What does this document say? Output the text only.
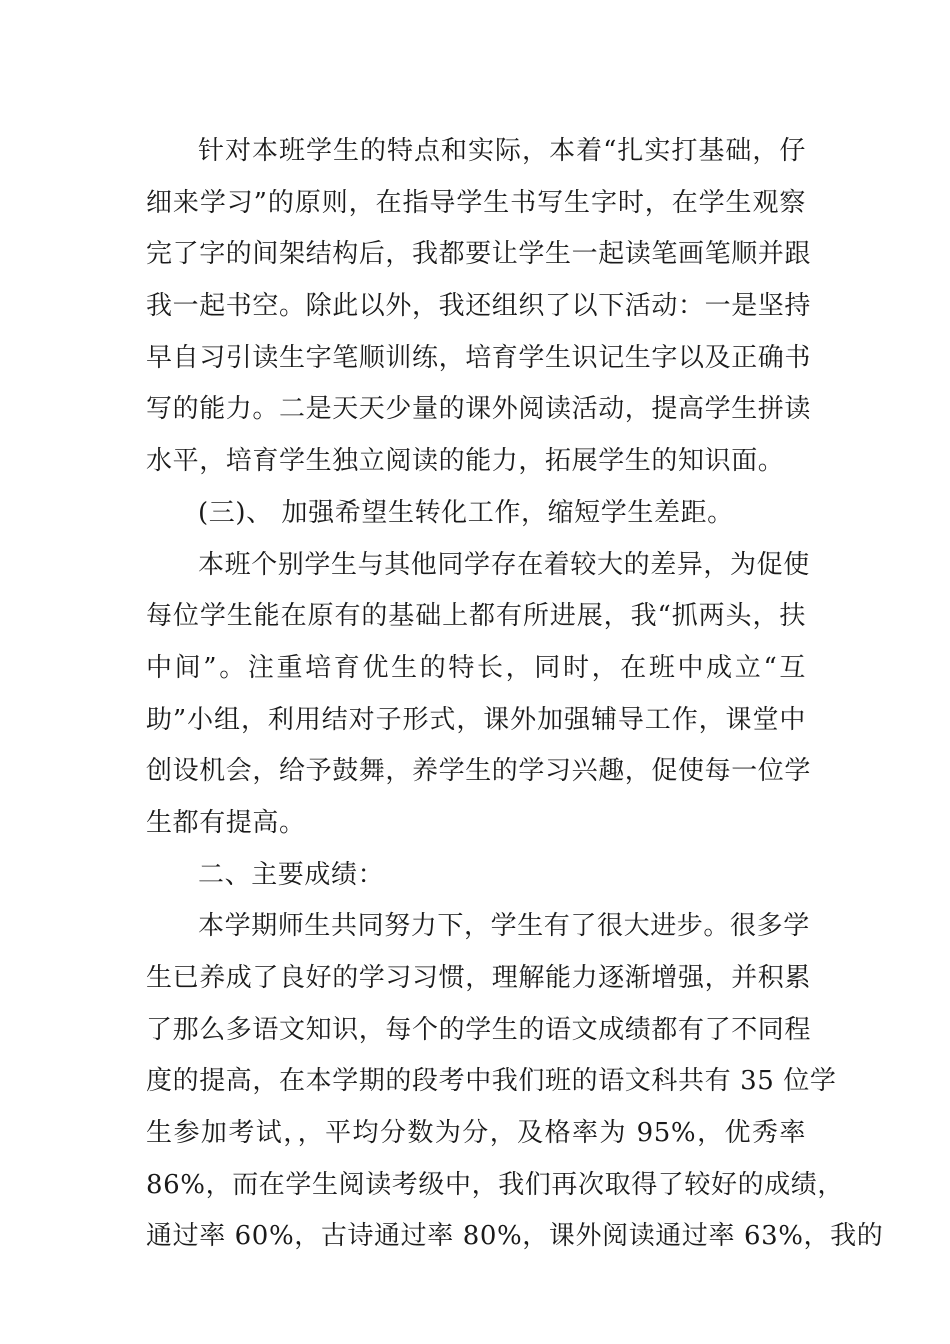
针对本班学生的特点和实际，本着“扎实打基础，仔
细来学习”的原则，在指导学生书写生字时，在学生观察
完了字的间架结构后，我都要让学生一起读笔画笔顺并跟
我一起书空。除此以外，我还组织了以下活动：一是坚持
早自习引读生字笔顺训练，培育学生识记生字以及正确书
写的能力。二是天天少量的课外阅读活动，提高学生拼读
水平，培育学生独立阅读的能力，拓展学生的知识面。
(三)、 加强希望生转化工作，缩短学生差距。
本班个别学生与其他同学存在着较大的差异，为促使
每位学生能在原有的基础上都有所进展，我“抓两头，扶
中间”。注重培育优生的特长，同时，在班中成立“互
助”小组，利用结对子形式，课外加强辅导工作，课堂中
创设机会，给予鼓舞，养学生的学习兴趣，促使每一位学
生都有提高。
二、主要成绩：
本学期师生共同努力下，学生有了很大进步。很多学
生已养成了良好的学习习惯，理解能力逐渐增强，并积累
了那么多语文知识，每个的学生的语文成绩都有了不同程
度的提高，在本学期的段考中我们班的语文科共有 35 位学
生参加考试，，平均分数为分，及格率为 95%，优秀率
86%，而在学生阅读考级中，我们再次取得了较好的成绩，
通过率 60%，古诗通过率 80%，课外阅读通过率 63%，我的
